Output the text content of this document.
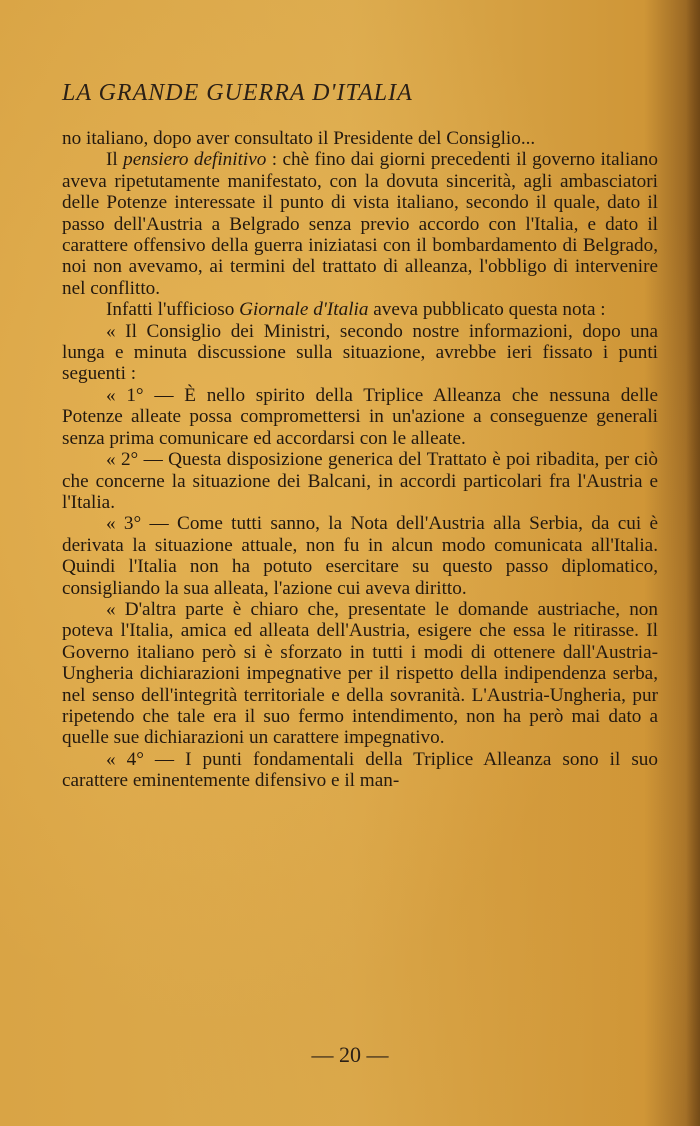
LA GRANDE GUERRA D'ITALIA

no italiano, dopo aver consultato il Presidente del Consiglio...

Il pensiero definitivo : chè fino dai giorni precedenti il governo italiano aveva ripetutamente manifestato, con la dovuta sincerità, agli ambasciatori delle Potenze interessate il punto di vista italiano, secondo il quale, dato il passo dell'Austria a Belgrado senza previo accordo con l'Italia, e dato il carattere offensivo della guerra iniziatasi con il bombardamento di Belgrado, noi non avevamo, ai termini del trattato di alleanza, l'obbligo di intervenire nel conflitto.

Infatti l'ufficioso Giornale d'Italia aveva pubblicato questa nota :

« Il Consiglio dei Ministri, secondo nostre informazioni, dopo una lunga e minuta discussione sulla situazione, avrebbe ieri fissato i punti seguenti :

« 1° — È nello spirito della Triplice Alleanza che nessuna delle Potenze alleate possa compromettersi in un'azione a conseguenze generali senza prima comunicare ed accordarsi con le alleate.

« 2° — Questa disposizione generica del Trattato è poi ribadita, per ciò che concerne la situazione dei Balcani, in accordi particolari fra l'Austria e l'Italia.

« 3° — Come tutti sanno, la Nota dell'Austria alla Serbia, da cui è derivata la situazione attuale, non fu in alcun modo comunicata all'Italia. Quindi l'Italia non ha potuto esercitare su questo passo diplomatico, consigliando la sua alleata, l'azione cui aveva diritto.

« D'altra parte è chiaro che, presentate le domande austriache, non poteva l'Italia, amica ed alleata dell'Austria, esigere che essa le ritirasse. Il Governo italiano però si è sforzato in tutti i modi di ottenere dall'Austria-Ungheria dichiarazioni impegnative per il rispetto della indipendenza serba, nel senso dell'integrità territoriale e della sovranità. L'Austria-Ungheria, pur ripetendo che tale era il suo fermo intendimento, non ha però mai dato a quelle sue dichiarazioni un carattere impegnativo.

« 4° — I punti fondamentali della Triplice Alleanza sono il suo carattere eminentemente difensivo e il man-

— 20 —
